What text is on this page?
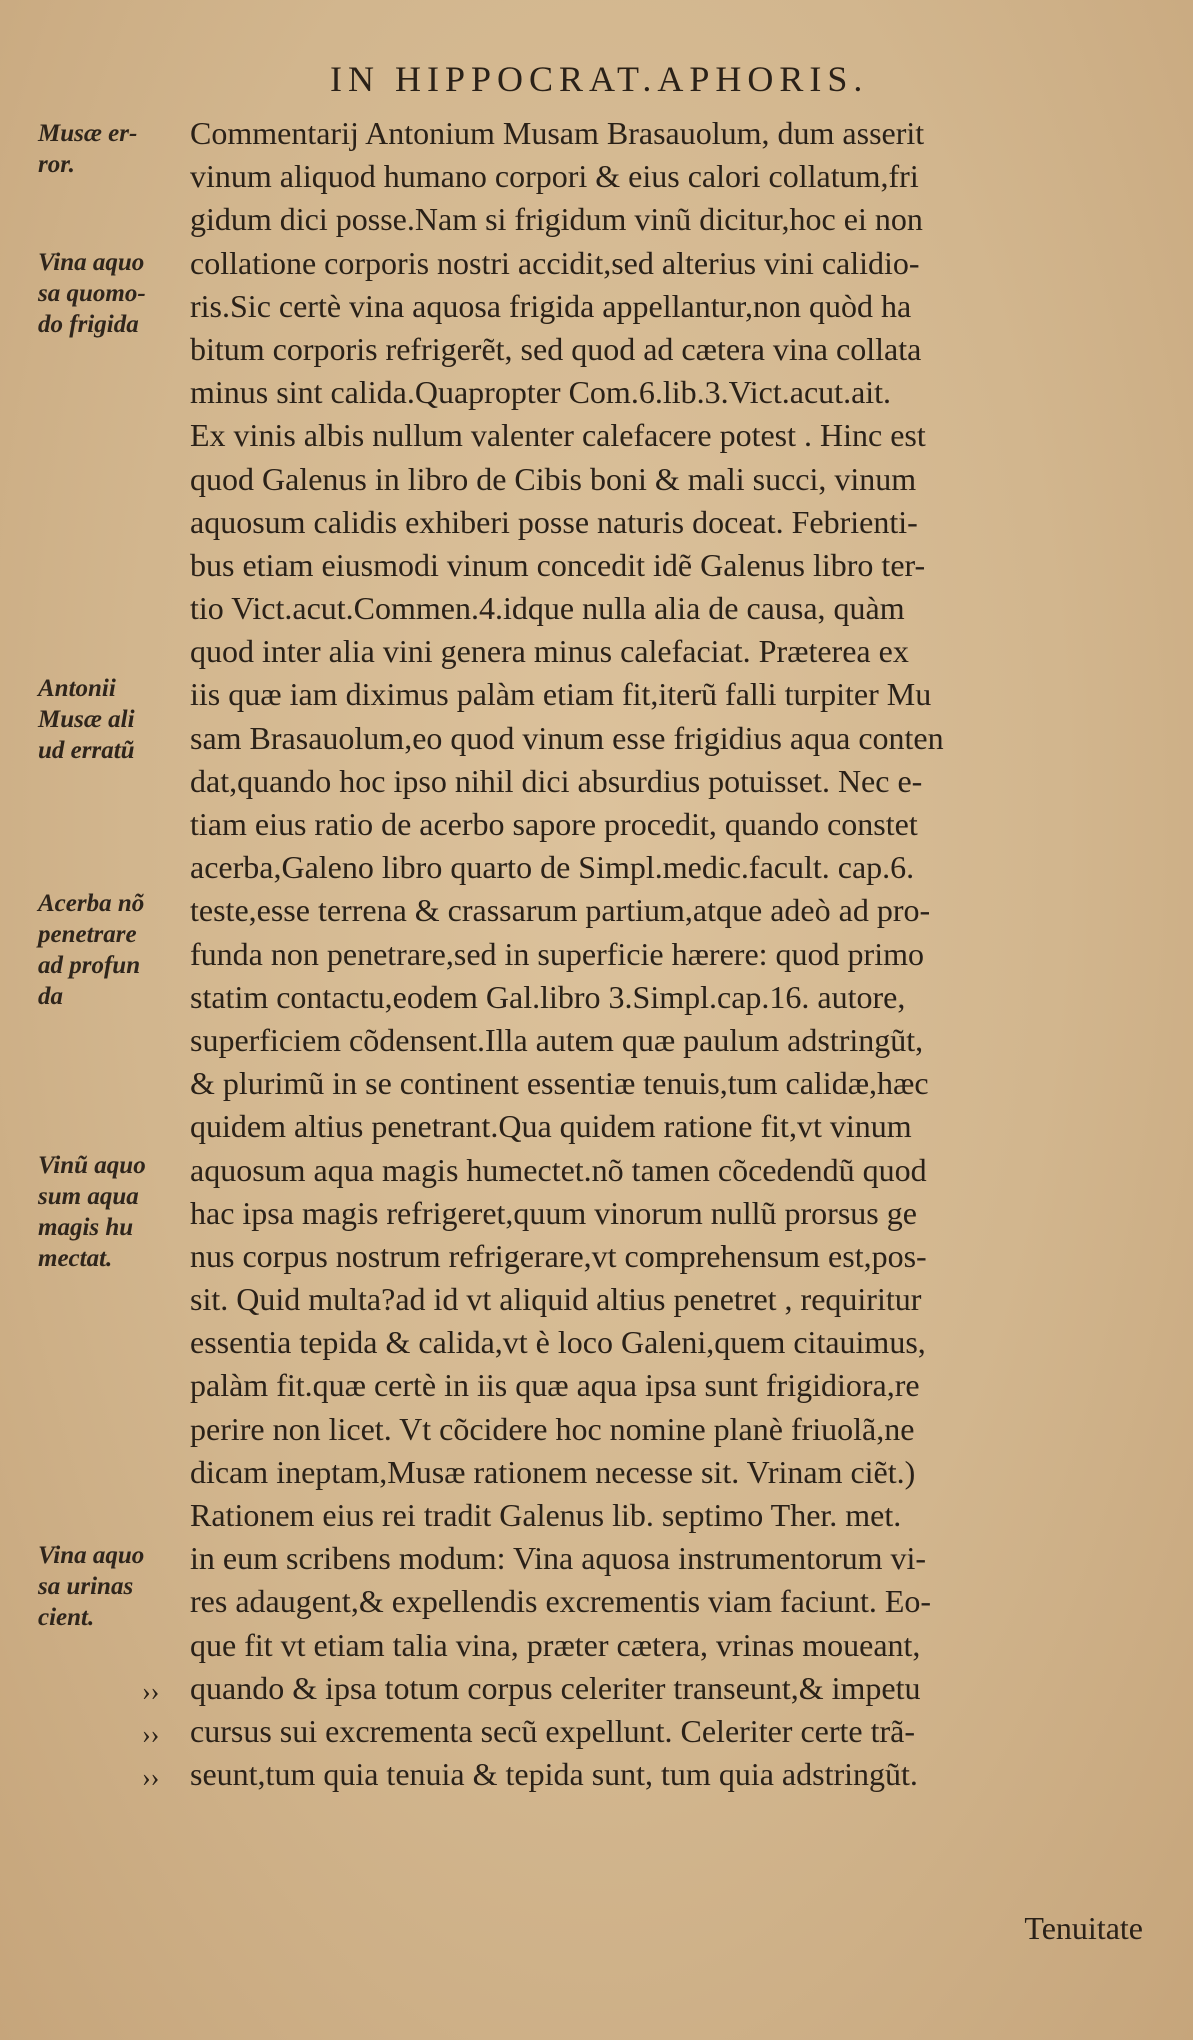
IN HIPPOCRAT.APHORIS.
Musæ er-
ror.
Vina aquo
sa quomo-
do frigida
Antonii
Musæ ali
ud erratũ
Acerba nõ
penetrare
ad profun
da
Vinũ aquo
sum aqua
magis hu
mectat.
Vina aquo
sa urinas
cient.
››
››
››
Commentarij Antonium Musam Brasauolum, dum asserit
vinum aliquod humano corpori & eius calori collatum,fri
gidum dici posse.Nam si frigidum vinũ dicitur,hoc ei non
collatione corporis nostri accidit,sed alterius vini calidio-
ris.Sic certè vina aquosa frigida appellantur,non quòd ha
bitum corporis refrigerẽt, sed quod ad cætera vina collata
minus sint calida.Quapropter Com.6.lib.3.Vict.acut.ait.
Ex vinis albis nullum valenter calefacere potest . Hinc est
quod Galenus in libro de Cibis boni & mali succi, vinum
aquosum calidis exhiberi posse naturis doceat. Febrienti-
bus etiam eiusmodi vinum concedit idẽ Galenus libro ter-
tio Vict.acut.Commen.4.idque nulla alia de causa, quàm
quod inter alia vini genera minus calefaciat. Præterea ex
iis quæ iam diximus palàm etiam fit,iterũ falli turpiter Mu
sam Brasauolum,eo quod vinum esse frigidius aqua conten
dat,quando hoc ipso nihil dici absurdius potuisset. Nec e-
tiam eius ratio de acerbo sapore procedit, quando constet
acerba,Galeno libro quarto de Simpl.medic.facult. cap.6.
teste,esse terrena & crassarum partium,atque adeò ad pro-
funda non penetrare,sed in superficie hærere: quod primo
statim contactu,eodem Gal.libro 3.Simpl.cap.16. autore,
superficiem cõdensent.Illa autem quæ paulum adstringũt,
& plurimũ in se continent essentiæ tenuis,tum calidæ,hæc
quidem altius penetrant.Qua quidem ratione fit,vt vinum
aquosum aqua magis humectet.nõ tamen cõcedendũ quod
hac ipsa magis refrigeret,quum vinorum nullũ prorsus ge
nus corpus nostrum refrigerare,vt comprehensum est,pos-
sit. Quid multa?ad id vt aliquid altius penetret , requiritur
essentia tepida & calida,vt è loco Galeni,quem citauimus,
palàm fit.quæ certè in iis quæ aqua ipsa sunt frigidiora,re
perire non licet. Vt cõcidere hoc nomine planè friuolã,ne
dicam ineptam,Musæ rationem necesse sit. Vrinam ciẽt.)
Rationem eius rei tradit Galenus lib. septimo Ther. met.
in eum scribens modum: Vina aquosa instrumentorum vi-
res adaugent,& expellendis excrementis viam faciunt. Eo-
que fit vt etiam talia vina, præter cætera, vrinas moueant,
quando & ipsa totum corpus celeriter transeunt,& impetu
cursus sui excrementa secũ expellunt. Celeriter certe trã-
seunt,tum quia tenuia & tepida sunt, tum quia adstringũt.
Tenuitate
